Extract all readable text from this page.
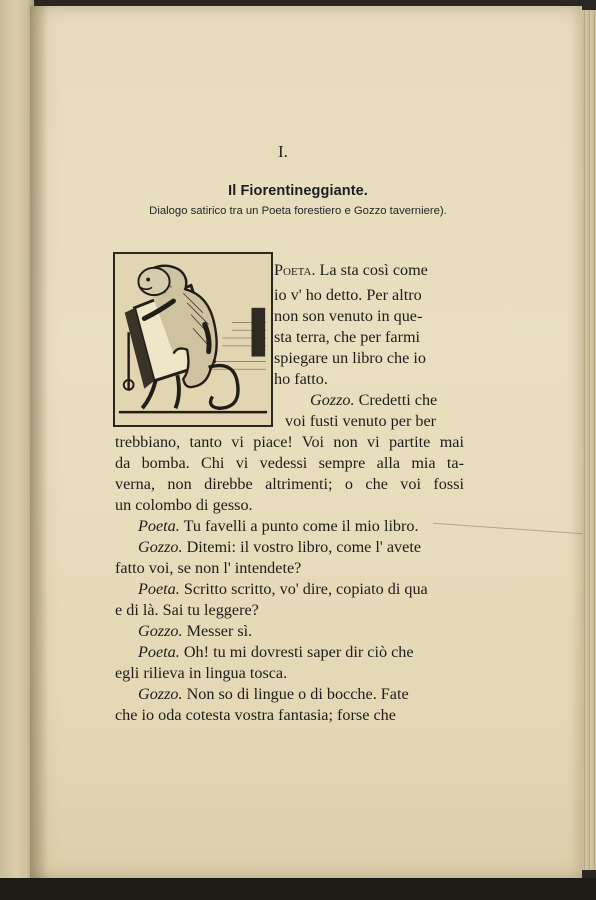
I.
Il Fiorentineggiante.
Dialogo satirico tra un Poeta forestiero e Gozzo taverniere).
Poeta. La sta così come
io v' ho detto. Per altro
non son venuto in que-
sta terra, che per farmi
spiegare un libro che io
ho fatto.
Gozzo. Credetti che
voi fusti venuto per ber
trebbiano, tanto vi piace! Voi non vi partite mai
da bomba. Chi vi vedessi sempre alla mia ta-
verna, non direbbe altrimenti; o che voi fossi
un colombo di gesso.
Poeta. Tu favelli a punto come il mio libro.
Gozzo. Ditemi: il vostro libro, come l' avete
fatto voi, se non l' intendete?
Poeta. Scritto scritto, vo' dire, copiato di qua
e di là. Sai tu leggere?
Gozzo. Messer sì.
Poeta. Oh! tu mi dovresti saper dir ciò che
egli rilieva in lingua tosca.
Gozzo. Non so di lingue o di bocche. Fate
che io oda cotesta vostra fantasia; forse che
